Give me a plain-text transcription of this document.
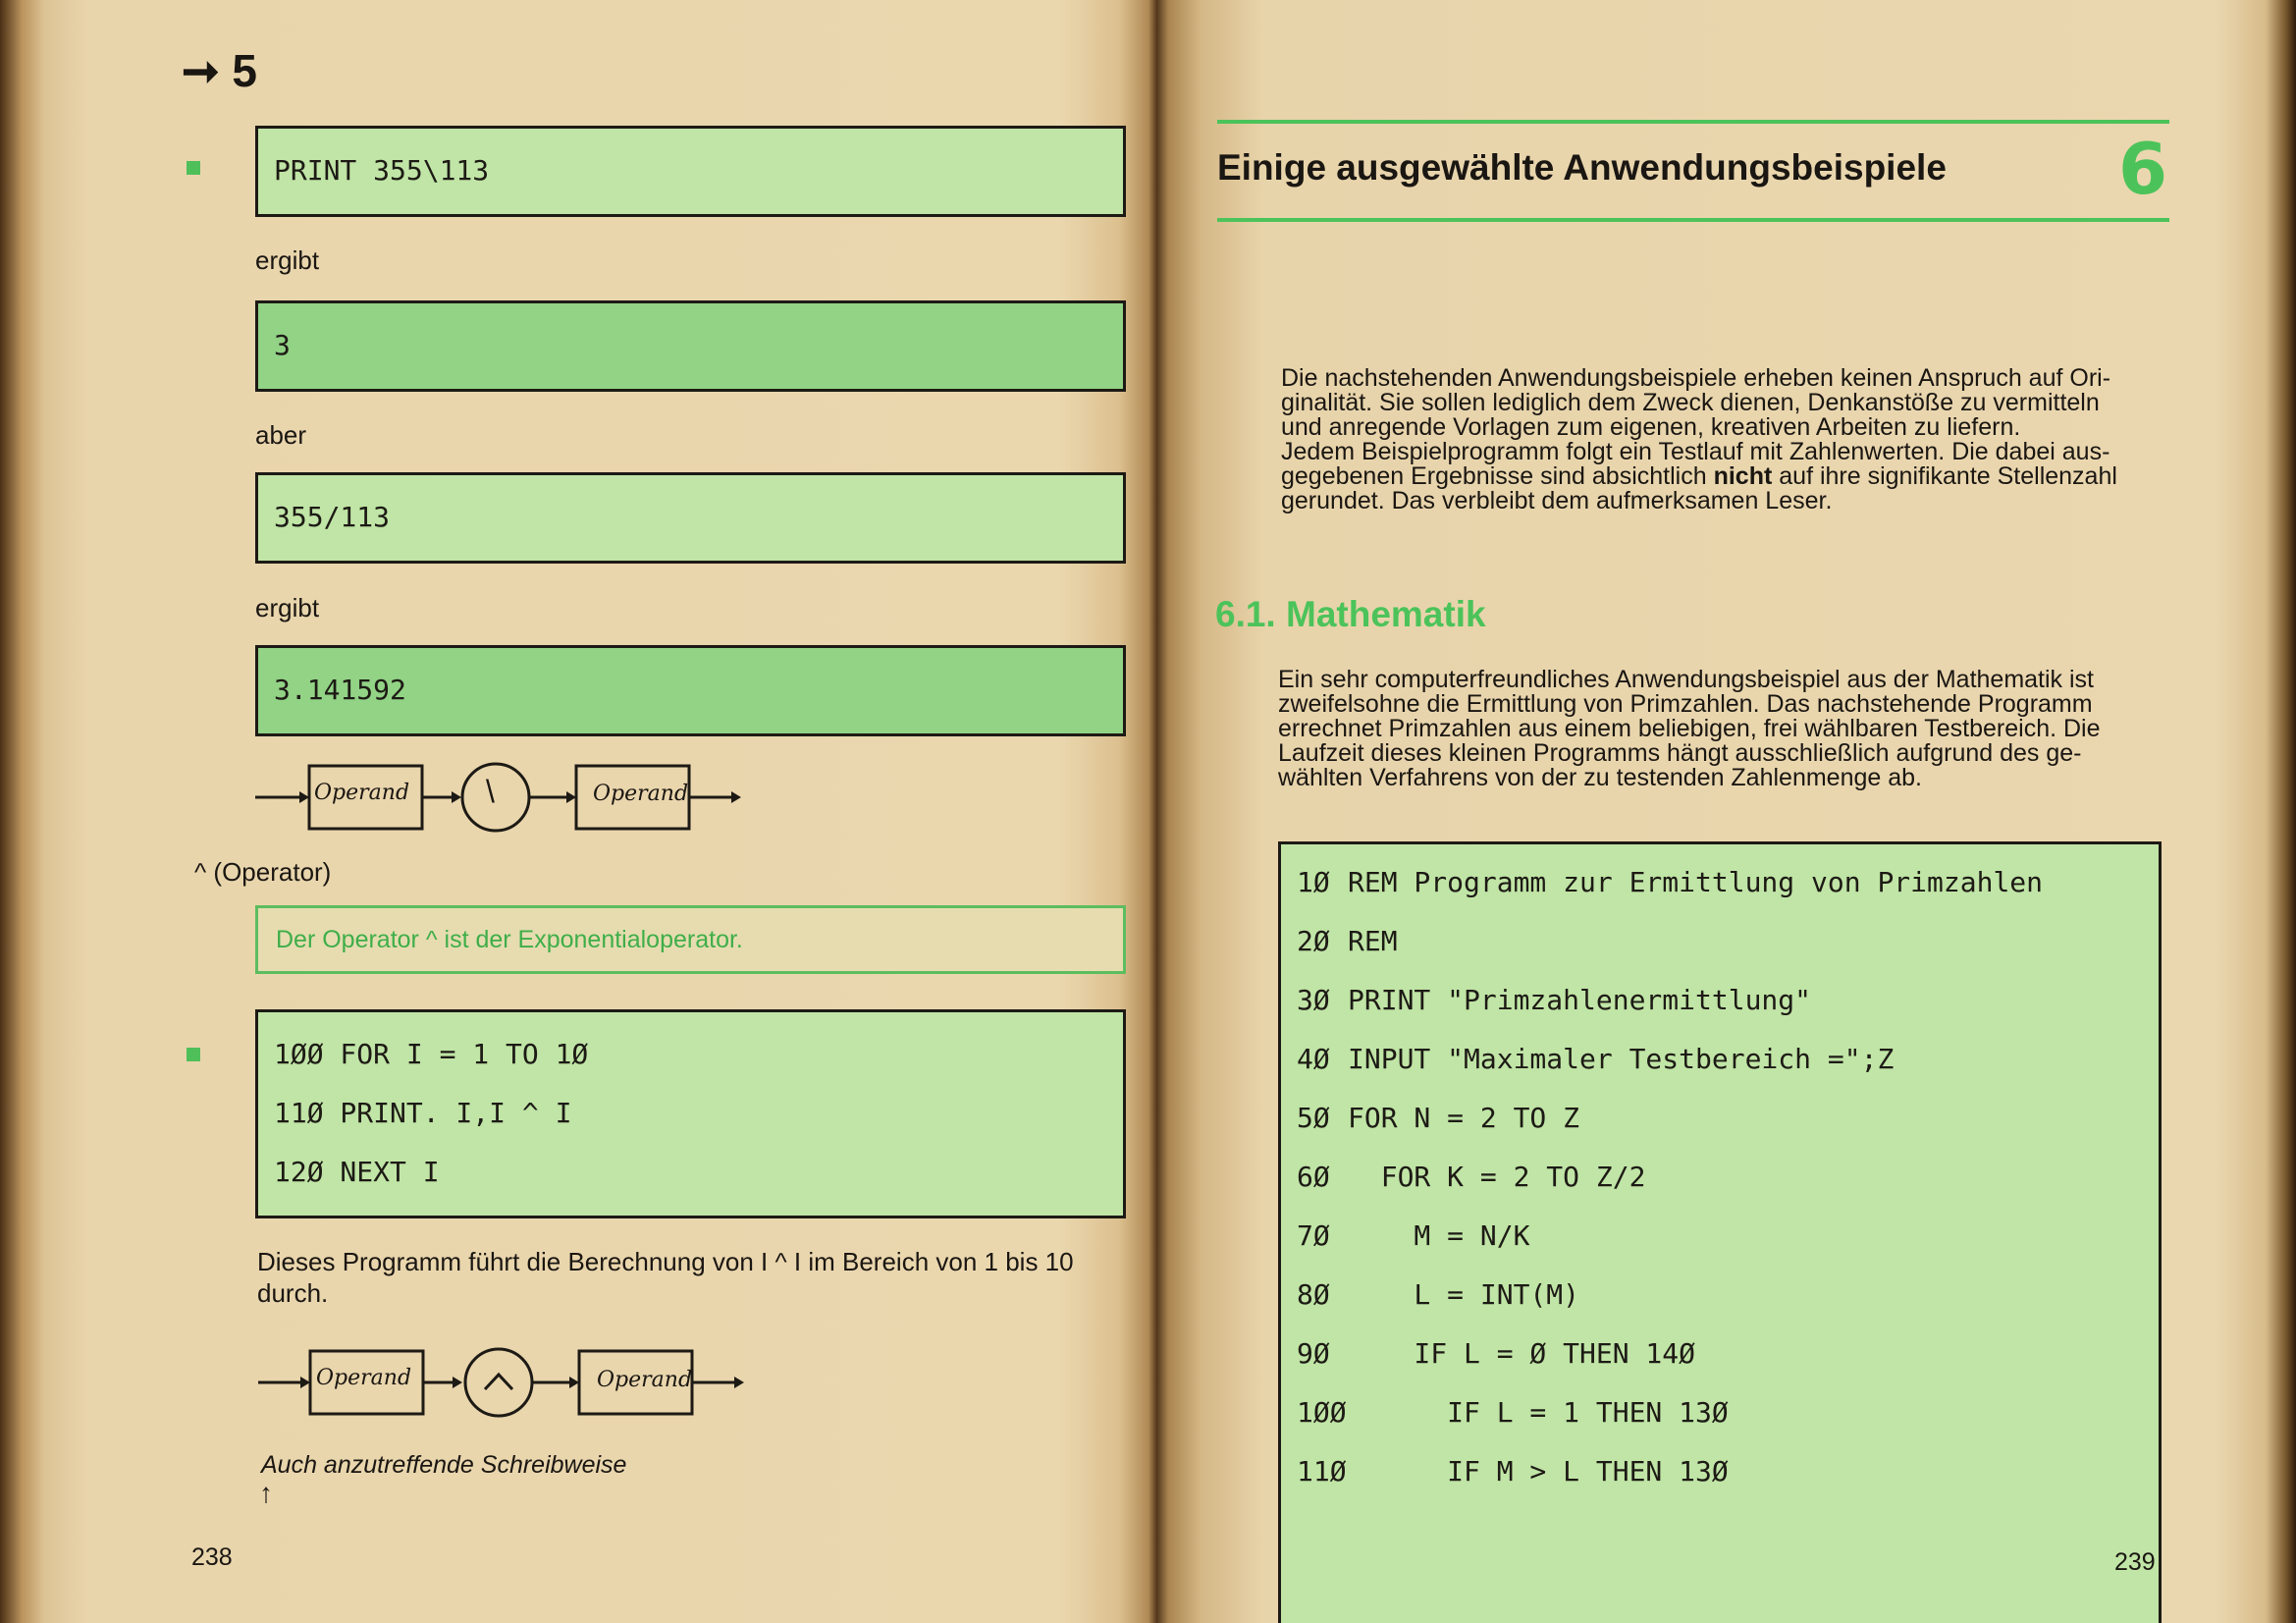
➞ 5
PRINT 355\113
ergibt
3
aber
355/113
ergibt
3.141592
Operand \	Operand
^ (Operator)
Der Operator ^ ist der Exponentialoperator.
1ØØ FOR I = 1 TO 1Ø
11Ø PRINT. I,I ^ I
12Ø NEXT I
Dieses Programm führt die Berechnung von I ^ I im Bereich von 1 bis 10
durch.
Operand	Operand
Auch anzutreffende Schreibweise
↑
238
Einige ausgewählte Anwendungsbeispiele 6
Die nachstehenden Anwendungsbeispiele erheben keinen Anspruch auf Ori-
ginalität. Sie sollen lediglich dem Zweck dienen, Denkanstöße zu vermitteln
und anregende Vorlagen zum eigenen, kreativen Arbeiten zu liefern.
Jedem Beispielprogramm folgt ein Testlauf mit Zahlenwerten. Die dabei aus-
gegebenen Ergebnisse sind absichtlich nicht auf ihre signifikante Stellenzahl
gerundet. Das verbleibt dem aufmerksamen Leser.
6.1. Mathematik
Ein sehr computerfreundliches Anwendungsbeispiel aus der Mathematik ist
zweifelsohne die Ermittlung von Primzahlen. Das nachstehende Programm
errechnet Primzahlen aus einem beliebigen, frei wählbaren Testbereich. Die
Laufzeit dieses kleinen Programms hängt ausschließlich aufgrund des ge-
wählten Verfahrens von der zu testenden Zahlenmenge ab.
1Ø REM Programm zur Ermittlung von Primzahlen
2Ø REM
3Ø PRINT "Primzahlenermittlung"
4Ø INPUT "Maximaler Testbereich =";Z
5Ø FOR N = 2 TO Z
6Ø  FOR K = 2 TO Z/2
7Ø    M = N/K
8Ø    L = INT(M)
9Ø    IF L = Ø THEN 14Ø
1ØØ      IF L = 1 THEN 13Ø
11Ø      IF M > L THEN 13Ø
239
